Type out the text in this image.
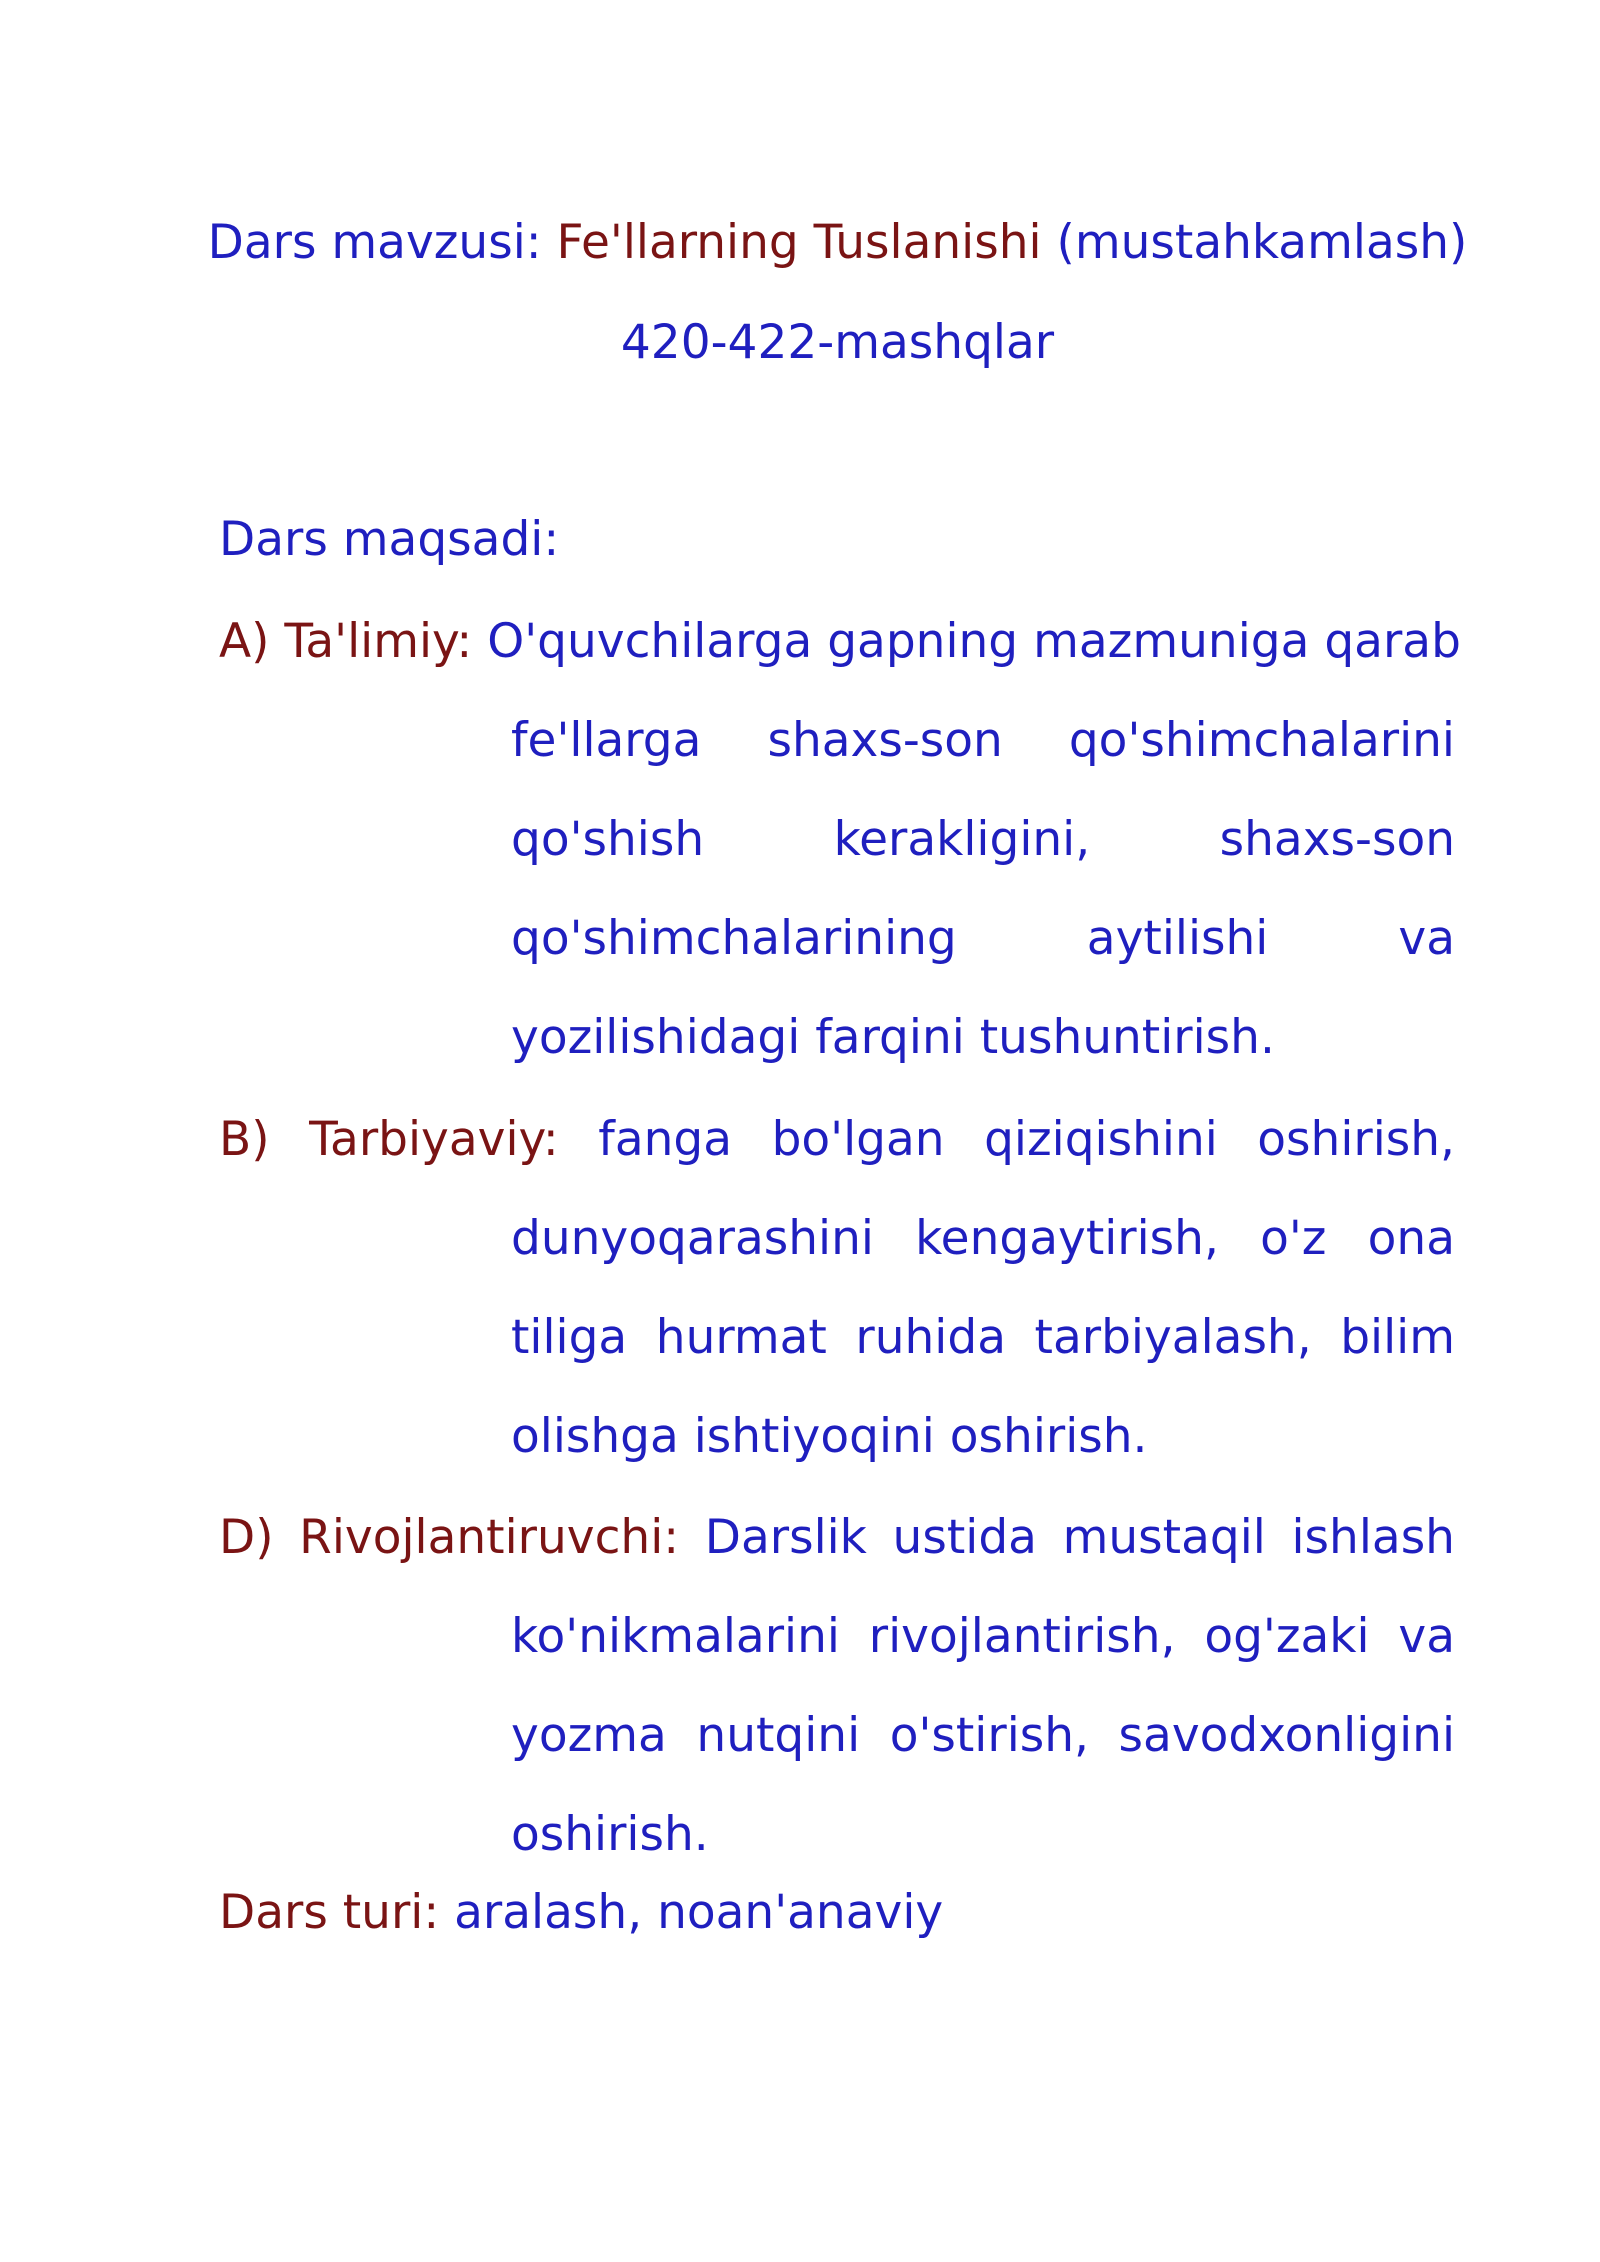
Dars mavzusi: Fe'llarning Tuslanishi (mustahkamlash)
420-422-mashqlar
Dars maqsadi:
A) Ta'limiy: O'quvchilarga gapning mazmuniga qarab
fe'llarga shaxs-son qo'shimchalarini
qo'shish kerakligini, shaxs-son
qo'shimchalarining aytilishi va
yozilishidagi farqini tushuntirish.
B) Tarbiyaviy: fanga bo'lgan qiziqishini oshirish,
dunyoqarashini kengaytirish, o'z ona
tiliga hurmat ruhida tarbiyalash, bilim
olishga ishtiyoqini oshirish.
D) Rivojlantiruvchi: Darslik ustida mustaqil ishlash
ko'nikmalarini rivojlantirish, og'zaki va
yozma nutqini o'stirish, savodxonligini
oshirish.
Dars turi: aralash, noan'anaviy
